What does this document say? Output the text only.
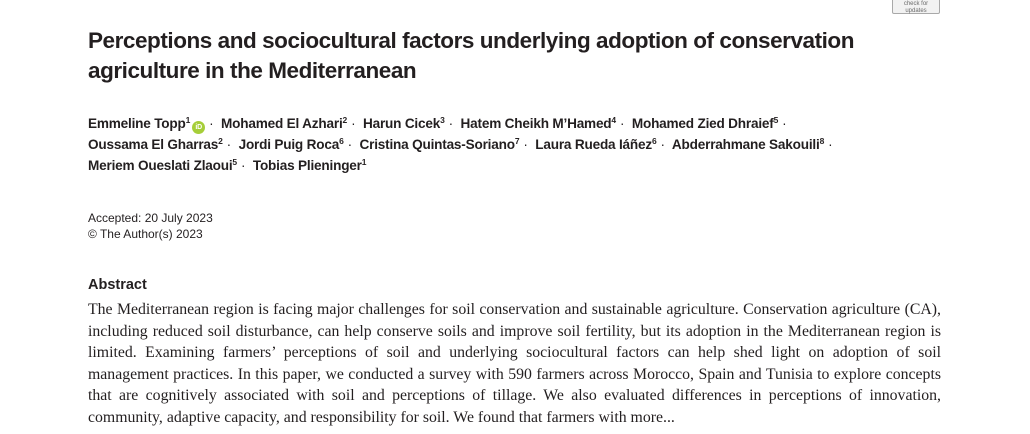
check for
updates
Perceptions and sociocultural factors underlying adoption of conservation agriculture in the Mediterranean
Emmeline Topp$^1$iD · Mohamed El Azhari$^2$ · Harun Cicek$^3$ · Hatem Cheikh M’Hamed$^4$ · Mohamed Zied Dhraief$^5$ ·
Oussama El Gharras$^2$ · Jordi Puig Roca$^6$ · Cristina Quintas-Soriano$^7$ · Laura Rueda Iáñez$^6$ · Abderrahmane Sakouili$^8$ ·
Meriem Oueslati Zlaoui$^5$ · Tobias Plieninger$^1$
Accepted: 20 July 2023
© The Author(s) 2023
Abstract

The Mediterranean region is facing major challenges for soil conservation and sustainable agriculture. Conservation agriculture (CA), including reduced soil disturbance, can help conserve soils and improve soil fertility, but its adoption in the Mediterranean region is limited. Examining farmers’ perceptions of soil and underlying sociocultural factors can help shed light on adoption of soil management practices. In this paper, we conducted a survey with 590 farmers across Morocco, Spain and Tunisia to explore concepts that are cognitively associated with soil and perceptions of tillage. We also evaluated differences in perceptions of innovation, community, adaptive capacity, and responsibility for soil. We found that farmers with more...
